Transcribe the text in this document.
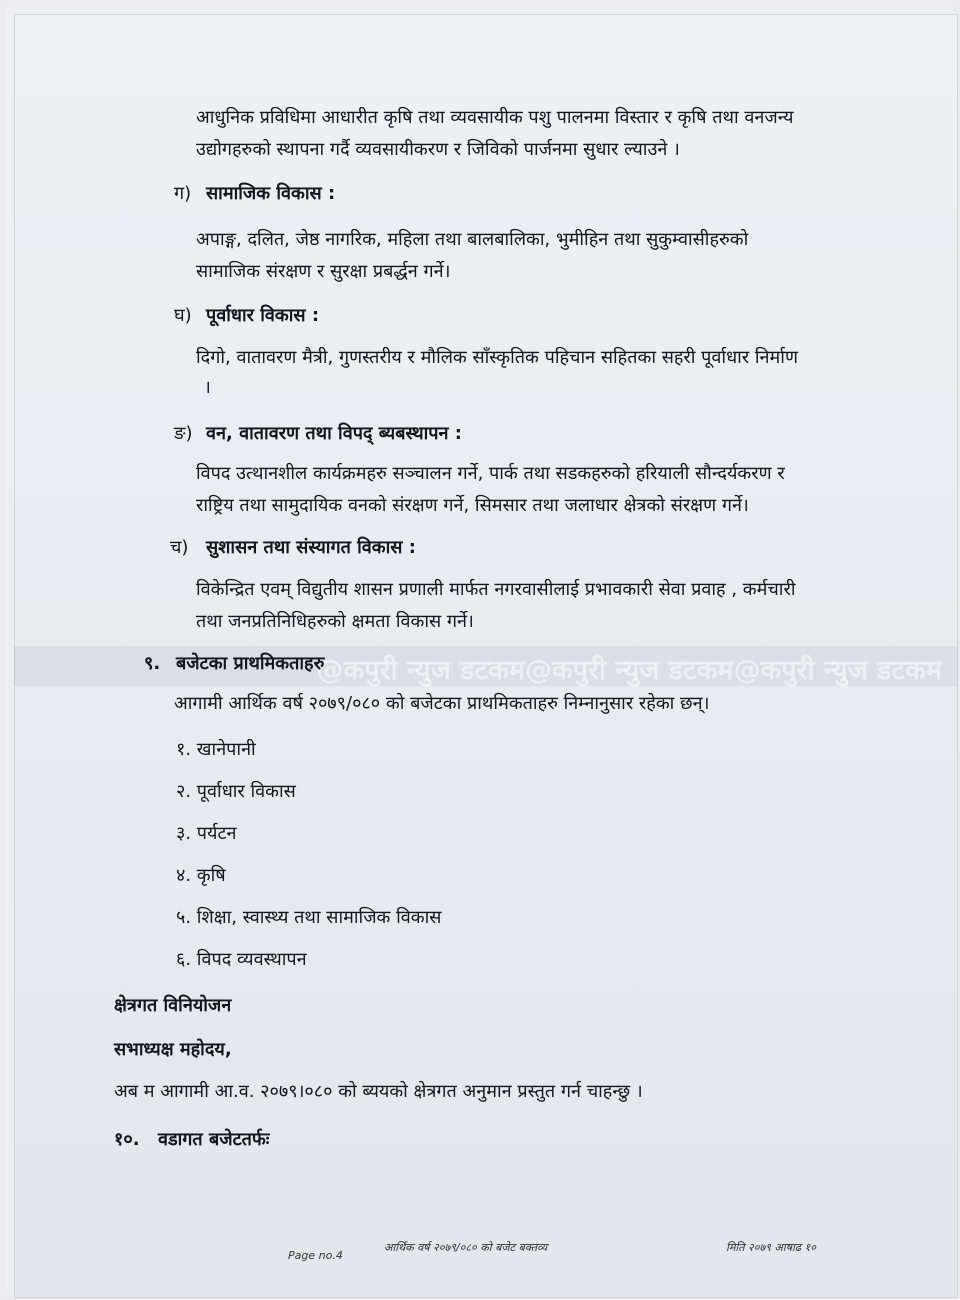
आधुनिक प्रविधिमा आधारीत कृषि तथा व्यवसायीक पशु पालनमा विस्तार र कृषि तथा वनजन्य
उद्योगहरुको स्थापना गर्दै व्यवसायीकरण र जिविको पार्जनमा सुधार ल्याउने ।
ग) सामाजिक विकास :
अपाङ्ग, दलित, जेष्ठ नागरिक, महिला तथा बालबालिका, भुमीहिन तथा सुकुम्वासीहरुको
सामाजिक संरक्षण र सुरक्षा प्रबर्द्धन गर्ने।
घ) पूर्वाधार विकास :
दिगो, वातावरण मैत्री, गुणस्तरीय र मौलिक साँस्कृतिक पहिचान सहितका सहरी पूर्वाधार निर्माण
।
ङ) वन, वातावरण तथा विपद् ब्यबस्थापन :
विपद उत्थानशील कार्यक्रमहरु सञ्चालन गर्ने, पार्क तथा सडकहरुको हरियाली सौन्दर्यकरण र
राष्ट्रिय तथा सामुदायिक वनको संरक्षण गर्ने, सिमसार तथा जलाधार क्षेत्रको संरक्षण गर्ने।
च) सुशासन तथा संस्यागत विकास :
विकेन्द्रित एवम् विद्युतीय शासन प्रणाली मार्फत नगरवासीलाई प्रभावकारी सेवा प्रवाह , कर्मचारी
तथा जनप्रतिनिधिहरुको क्षमता विकास गर्ने।
@कपुरी न्युज डटकम@कपुरी न्युज डटकम@कपुरी न्युज डटकम
९. बजेटका प्राथमिकताहरु
आगामी आर्थिक वर्ष २०७९/०८० को बजेटका प्राथमिकताहरु निम्नानुसार रहेका छन्।
१. खानेपानी
२. पूर्वाधार विकास
३. पर्यटन
४. कृषि
५. शिक्षा, स्वास्थ्य तथा सामाजिक विकास
६. विपद व्यवस्थापन
क्षेत्रगत विनियोजन
सभाध्यक्ष महोदय,
अब म आगामी आ.व. २०७९।०८० को ब्ययको क्षेत्रगत अनुमान प्रस्तुत गर्न चाहन्छु ।
१०. वडागत बजेटतर्फः
Page no.4
आर्थिक वर्ष २०७९/०८० को बजेट बक्तव्य	मिति २०७९ आषाढ १०
